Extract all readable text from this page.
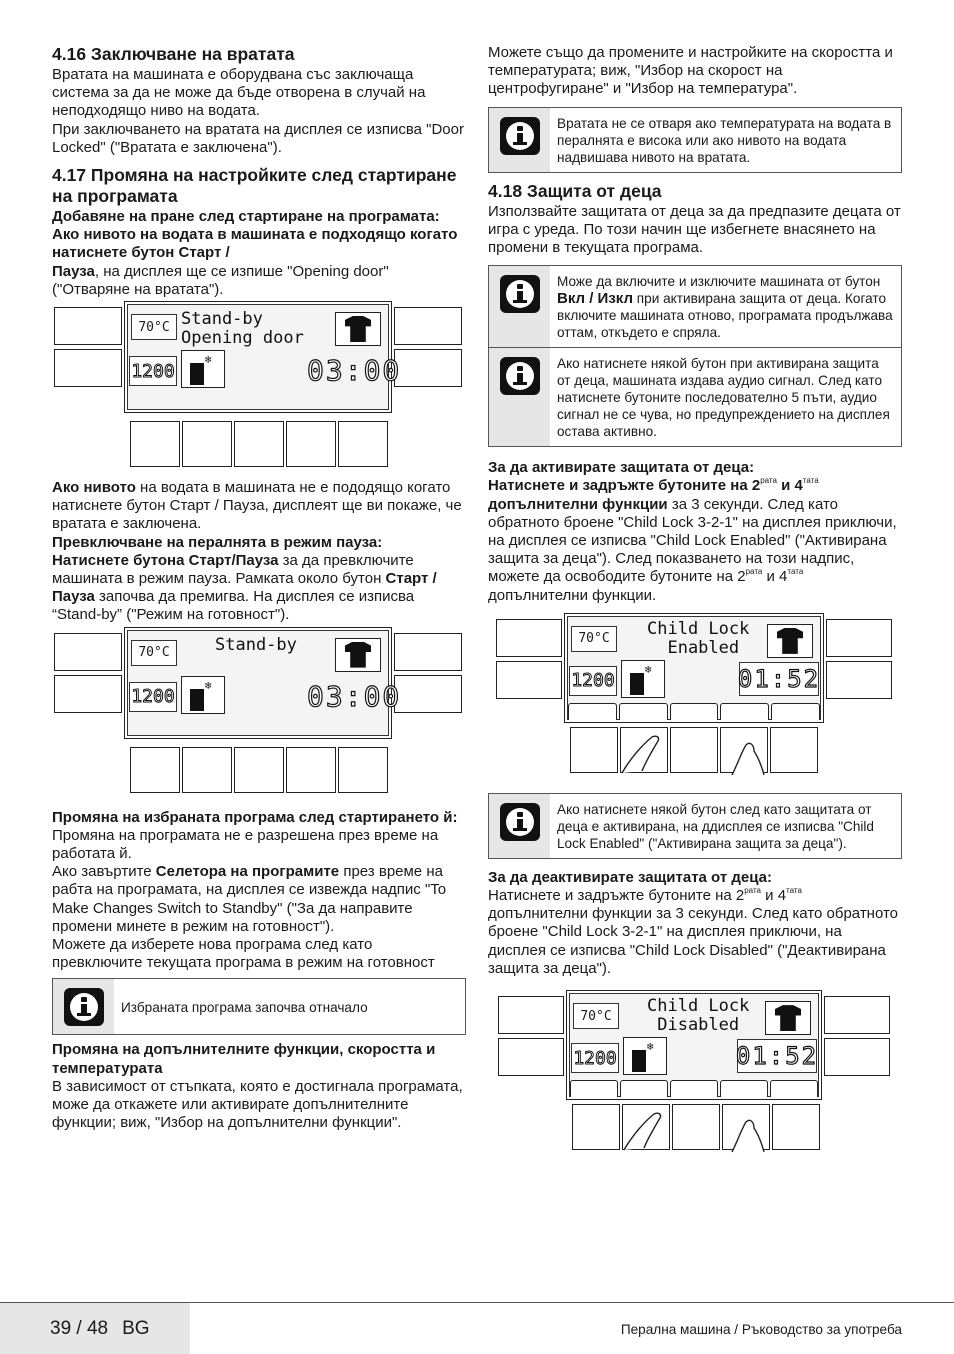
4.16 Заключване на вратата

Вратата на машината е оборудвана със заключаща система за да не може да бъде отворена в случай на неподходящо ниво на водата.

При заключването на вратата на дисплея се изписва "Door Locked" ("Вратата е заключена").

4.17 Промяна на настройките след стартиране на програмата

Добавяне на пране след стартиране на програмата:

Ако нивото на водата в машината е подходящо когато натиснете бутон Старт /

Пауза, на дисплея ще се изпише "Opening door" ("Отваряне на вратата").

70°C Stand-by
Opening door
1200	❄	03:00

Ако нивото на водата в машината не е пододящо когато натиснете бутон Старт / Пауза, дисплеят ще ви покаже, че вратата е заключена.

Превключване на пералнята в режим пауза:

Натиснете бутона Старт/Пауза за да превключите машината в режим пауза. Рамката около бутон Старт / Пауза започва да премигва. На дисплея се изписва “Stand-by” ("Режим на готовност").

70°C	Stand-by
1200	❄	03:00

Промяна на избраната програма след стартирането й:

Промяна на програмата не е разрешена през време на работата й.

Ако завъртите Селетора на програмите през време на рабта на програмата, на дисплея се извежда надпис "To Make Changes Switch to Standby" ("За да направите промени минете в режим на готовност").

Можете да изберете нова програма след като превключите текущата програма в режим на готовност

Избраната програма започва отначало

Промяна на допълнителните функции, скоростта и температурата

В зависимост от стъпката, която е достигнала програмата, може да откажете или активирате допълнителните функции; виж, "Избор на допълнителни функции".

Можете също да промените и настройките на скоростта и температурата; виж, "Избор на скорост на центрофугиране" и "Избор на температура".

Вратата не се отваря ако температурата на водата в пералнята е висока или ако нивото на водата надвишава нивото на вратата.
4.18 Защита от деца

Използвайте защитата от деца за да предпазите децата от игра с уреда. По този начин ще избегнете внасянето на промени в текущата програма.

Може да включите и изключите машината от бутон Вкл / Изкл при активирана защита от деца. Когато включите машината отново, програмата продължава оттам, откъдето е спряла.
Ако натиснете някой бутон при активирана защита от деца, машината издава аудио сигнал. След като натиснете бутоните последователно 5 пъти, аудио сигнал не се чува, но предупреждението на дисплея остава активно.

За да активирате защитата от деца:

Натиснете и задръжте бутоните на $2^{рата}$ и $4^{тата}$ допълнителни функции за 3 секунди. След като обратното броене "Child Lock 3-2-1" на дисплея приключи, на дисплея се изписва "Child Lock Enabled" ("Активирана защита за деца"). След показването на този надпис, можете да освободите бутоните на $2^{рата}$ и $4^{тата}$ допълнителни функции.

70°C	Child Lock
Enabled
1200	❄	01:52
Ако натиснете някой бутон след като защитата от деца е активирана, на ддисплея се изписва "Child Lock Enabled" ("Активирана защита за деца").

За да деактивирате защитата от деца:

Натиснете и задръжте бутоните на $2^{рата}$ и $4^{тата}$ допълнителни функции за 3 секунди. След като обратното броене "Child Lock 3-2-1" на дисплея приключи, на дисплея се изписва "Child Lock Disabled" ("Деактивирана защита за деца").

70°C	Child Lock
Disabled
1200	❄	01:52
39 / 48 BG	Перална машина / Ръководство за употреба
